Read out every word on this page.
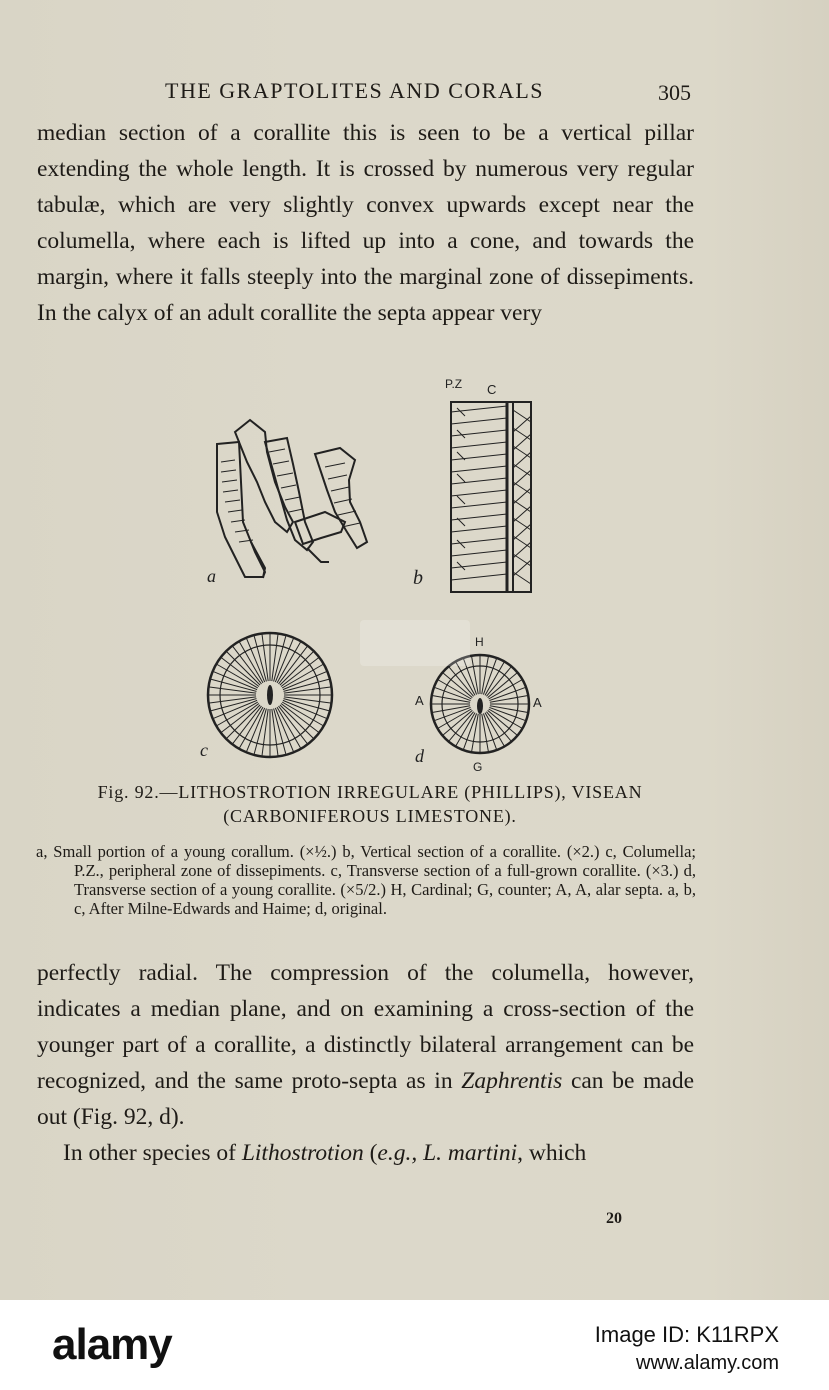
THE GRAPTOLITES AND CORALS	305

median section of a corallite this is seen to be a vertical pillar extending the whole length. It is crossed by numerous very regular tabulæ, which are very slightly convex upwards except near the columella, where each is lifted up into a cone, and towards the margin, where it falls steeply into the marginal zone of dissepiments. In the calyx of an adult corallite the septa appear very

a
P.Z C
b
c
H
A	A
G
d
Fig. 92.—LITHOSTROTION IRREGULARE (PHILLIPS), VISEAN
(CARBONIFEROUS LIMESTONE).

a, Small portion of a young corallum. (×½.) b, Vertical section of a corallite. (×2.) c, Columella; P.Z., peripheral zone of dissepiments. c, Transverse section of a full-grown corallite. (×3.) d, Transverse section of a young corallite. (×5/2.) H, Cardinal; G, counter; A, A, alar septa. a, b, c, After Milne-Edwards and Haime; d, original.

perfectly radial. The compression of the columella, however, indicates a median plane, and on examining a cross-section of the younger part of a corallite, a distinctly bilateral arrangement can be recognized, and the same proto-septa as in Zaphrentis can be made out (Fig. 92, d).

In other species of Lithostrotion (e.g., L. martini, which

20
alamy	Image ID: K11RPX
www.alamy.com
